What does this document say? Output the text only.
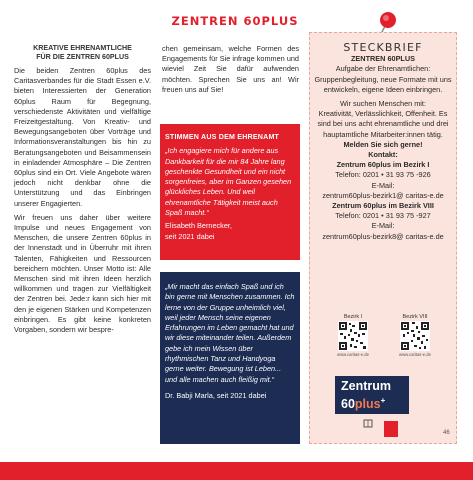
ZENTREN 60PLUS
KREATIVE EHRENAMTLICHE
FÜR DIE ZENTREN 60PLUS

Die beiden Zentren 60plus des Caritasverbandes für die Stadt Essen e.V. bieten Interessierten der Generation 60plus Raum für Begegnung, verschiedenste Aktivitäten und vielfältige Freizeitgestaltung. Von Kreativ- und Bewegungsangeboten über Vorträge und Informationsveranstaltungen bis hin zu Beratungsangeboten und Beisammensein in einladender Atmosphäre – Die Zentren 60plus sind ein Ort. Viele Angebote wären jedoch nicht denkbar ohne die Unterstützung und das Einbringen unserer Engagierten.

Wir freuen uns daher über weitere Impulse und neues Engagement von Menschen, die unsere Zentren 60plus in der Innenstadt und in Überruhr mit ihren Talenten, Fähigkeiten und Ressourcen bereichern möchten. Unser Motto ist: Alle Menschen sind mit ihren Ideen herzlich willkommen und tragen zur Vielfältigkeit der Zentren bei. Jede:r kann sich hier mit den je eigenen Stärken und Kompetenzen einbringen. Es gibt keine konkreten Vorgaben, sondern wir bespre-

chen gemeinsam, welche Formen des Engagements für Sie infrage kommen und wieviel Zeit Sie dafür aufwenden möchten. Sprechen Sie uns an! Wir freuen uns auf Sie!

STIMMEN AUS DEM EHRENAMT
„Ich engagiere mich für andere aus Dankbarkeit für die mir 84 Jahre lang geschenkte Gesundheit und ein nicht sorgenfreies, aber im Ganzen gesehen glückliches Leben. Und weil ehrenamtliche Tätigkeit meist auch Spaß macht.“
Elisabeth Bernecker,
seit 2021 dabei
„Mir macht das einfach Spaß und ich bin gerne mit Menschen zusammen. Ich lerne von der Gruppe unheimlich viel, weil jeder Mensch seine eigenen Erfahrungen im Leben gemacht hat und wir diese miteinander teilen. Außerdem gebe ich mein Wissen über rhythmischen Tanz und Handyoga gerne weiter. Bewegung ist Leben... und alle machen auch fleißig mit.“
Dr. Babji Marla, seit 2021 dabei
STECKBRIEF
ZENTREN 60PLUS
Aufgabe der Ehrenamtlichen:
Gruppenbegleitung, neue Formate mit uns entwickeln, eigene Ideen einbringen.
Wir suchen Menschen mit:
Kreativität, Verlässlichkeit, Offenheit. Es sind bei uns acht ehrenamtliche und drei hauptamtliche Mitarbeiter:innen tätig.
Melden Sie sich gerne!
Kontakt:
Zentrum 60plus im Bezirk I
Telefon: 0201 • 31 93 75 -926
E-Mail:
zentrum60plus-bezirk1@ caritas-e.de
Zentrum 60plus im Bezirk VIII
Telefon: 0201 • 31 93 75 -927
E-Mail:
zentrum60plus-bezirk8@ caritas-e.de
Bezirk I
www.caritas-e.de
Bezirk VIII
www.caritas-e.de
Zentrum
60plus+
46
